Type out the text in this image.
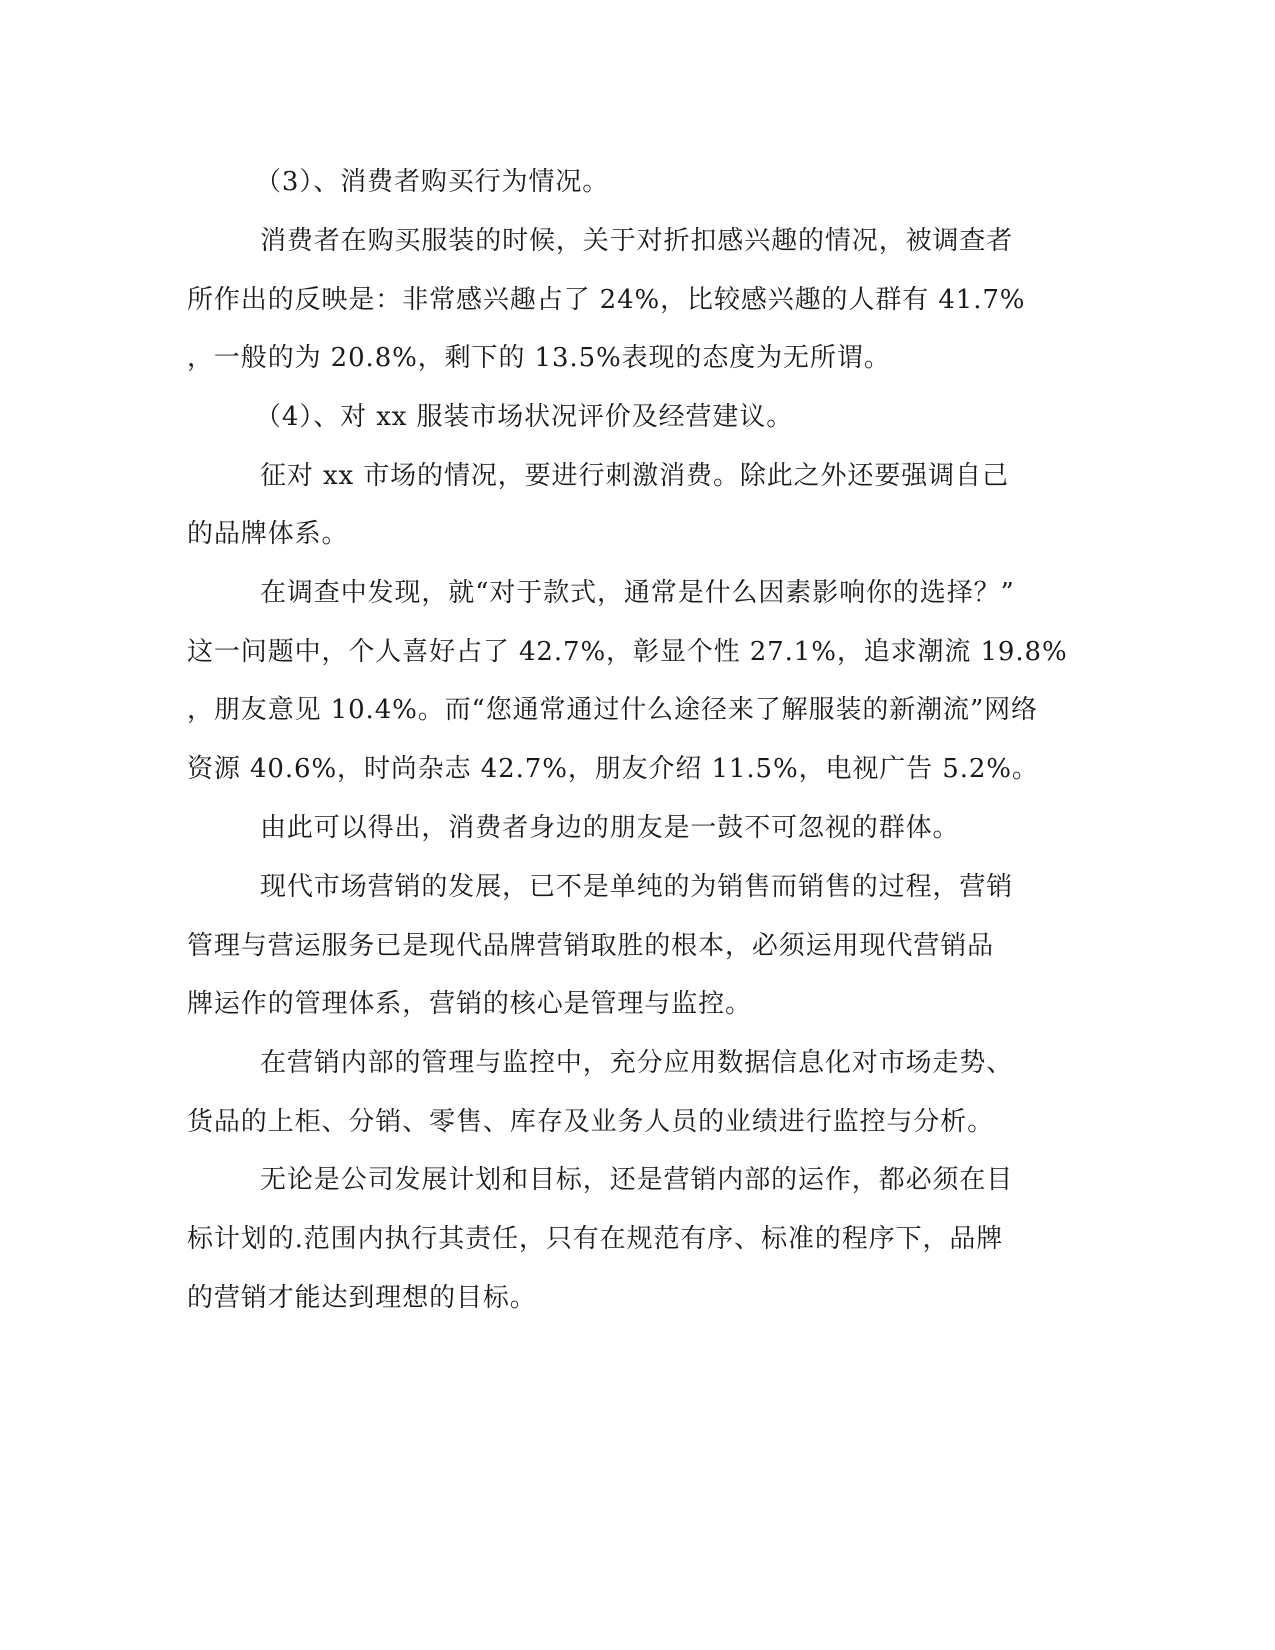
（3）、消费者购买行为情况。
消费者在购买服装的时候，关于对折扣感兴趣的情况，被调查者
所作出的反映是：非常感兴趣占了 24%，比较感兴趣的人群有 41.7%
，一般的为 20.8%，剩下的 13.5%表现的态度为无所谓。
（4）、对 xx 服装市场状况评价及经营建议。
征对 xx 市场的情况，要进行刺激消费。除此之外还要强调自己
的品牌体系。
在调查中发现，就“对于款式，通常是什么因素影响你的选择？”
这一问题中，个人喜好占了 42.7%，彰显个性 27.1%，追求潮流 19.8%
，朋友意见 10.4%。而“您通常通过什么途径来了解服装的新潮流”网络
资源 40.6%，时尚杂志 42.7%，朋友介绍 11.5%，电视广告 5.2%。
由此可以得出，消费者身边的朋友是一鼓不可忽视的群体。
现代市场营销的发展，已不是单纯的为销售而销售的过程，营销
管理与营运服务已是现代品牌营销取胜的根本，必须运用现代营销品
牌运作的管理体系，营销的核心是管理与监控。
在营销内部的管理与监控中，充分应用数据信息化对市场走势、
货品的上柜、分销、零售、库存及业务人员的业绩进行监控与分析。
无论是公司发展计划和目标，还是营销内部的运作，都必须在目
标计划的.范围内执行其责任，只有在规范有序、标准的程序下，品牌
的营销才能达到理想的目标。
